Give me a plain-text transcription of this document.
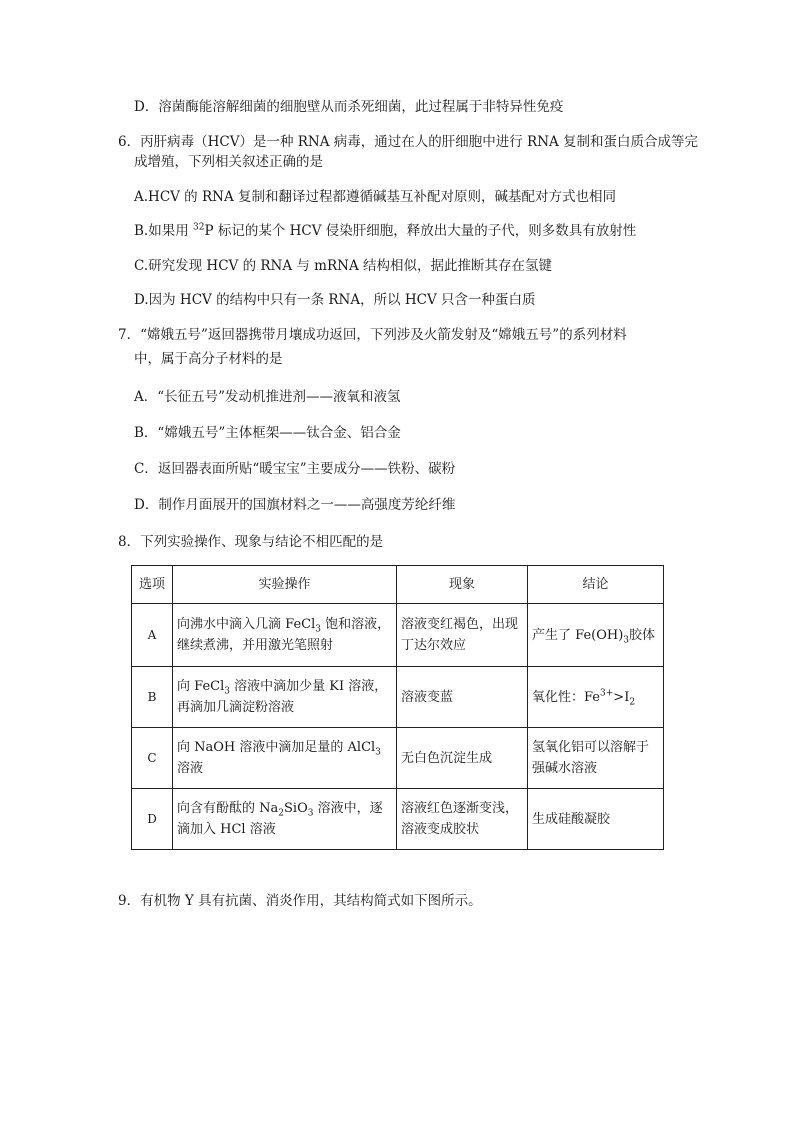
D．溶菌酶能溶解细菌的细胞壁从而杀死细菌，此过程属于非特异性免疫
6．丙肝病毒（HCV）是一种 RNA 病毒，通过在人的肝细胞中进行 RNA 复制和蛋白质合成等完
成增殖，下列相关叙述正确的是
A.HCV 的 RNA 复制和翻译过程都遵循碱基互补配对原则，碱基配对方式也相同
B.如果用 $^{32}$P 标记的某个 HCV 侵染肝细胞，释放出大量的子代，则多数具有放射性
C.研究发现 HCV 的 RNA 与 mRNA 结构相似，据此推断其存在氢键
D.因为 HCV 的结构中只有一条 RNA，所以 HCV 只含一种蛋白质
7．“嫦娥五号”返回器携带月壤成功返回，下列涉及火箭发射及“嫦娥五号”的系列材料
中，属于高分子材料的是
A．“长征五号”发动机推进剂——液氧和液氢
B．“嫦娥五号”主体框架——钛合金、铝合金
C．返回器表面所贴“暖宝宝”主要成分——铁粉、碳粉
D．制作月面展开的国旗材料之一——高强度芳纶纤维
8．下列实验操作、现象与结论不相匹配的是
选项	实验操作	现象	结论
A	向沸水中滴入几滴 FeCl$_3$ 饱和溶液，继续煮沸，并用激光笔照射	溶液变红褐色，出现丁达尔效应	产生了 $Fe(OH)_3$胶体
B	向 FeCl$_3$ 溶液中滴加少量 KI 溶液，再滴加几滴淀粉溶液	溶液变蓝	氧化性：$Fe^{3+}>I_2$
C	向 NaOH 溶液中滴加足量的 AlCl$_3$ 溶液	无白色沉淀生成	氢氧化铝可以溶解于强碱水溶液
D	向含有酚酞的 $Na_2SiO_3$ 溶液中，逐滴加入 HCl 溶液	溶液红色逐渐变浅，溶液变成胶状	生成硅酸凝胶
9．有机物 Y 具有抗菌、消炎作用，其结构简式如下图所示。
